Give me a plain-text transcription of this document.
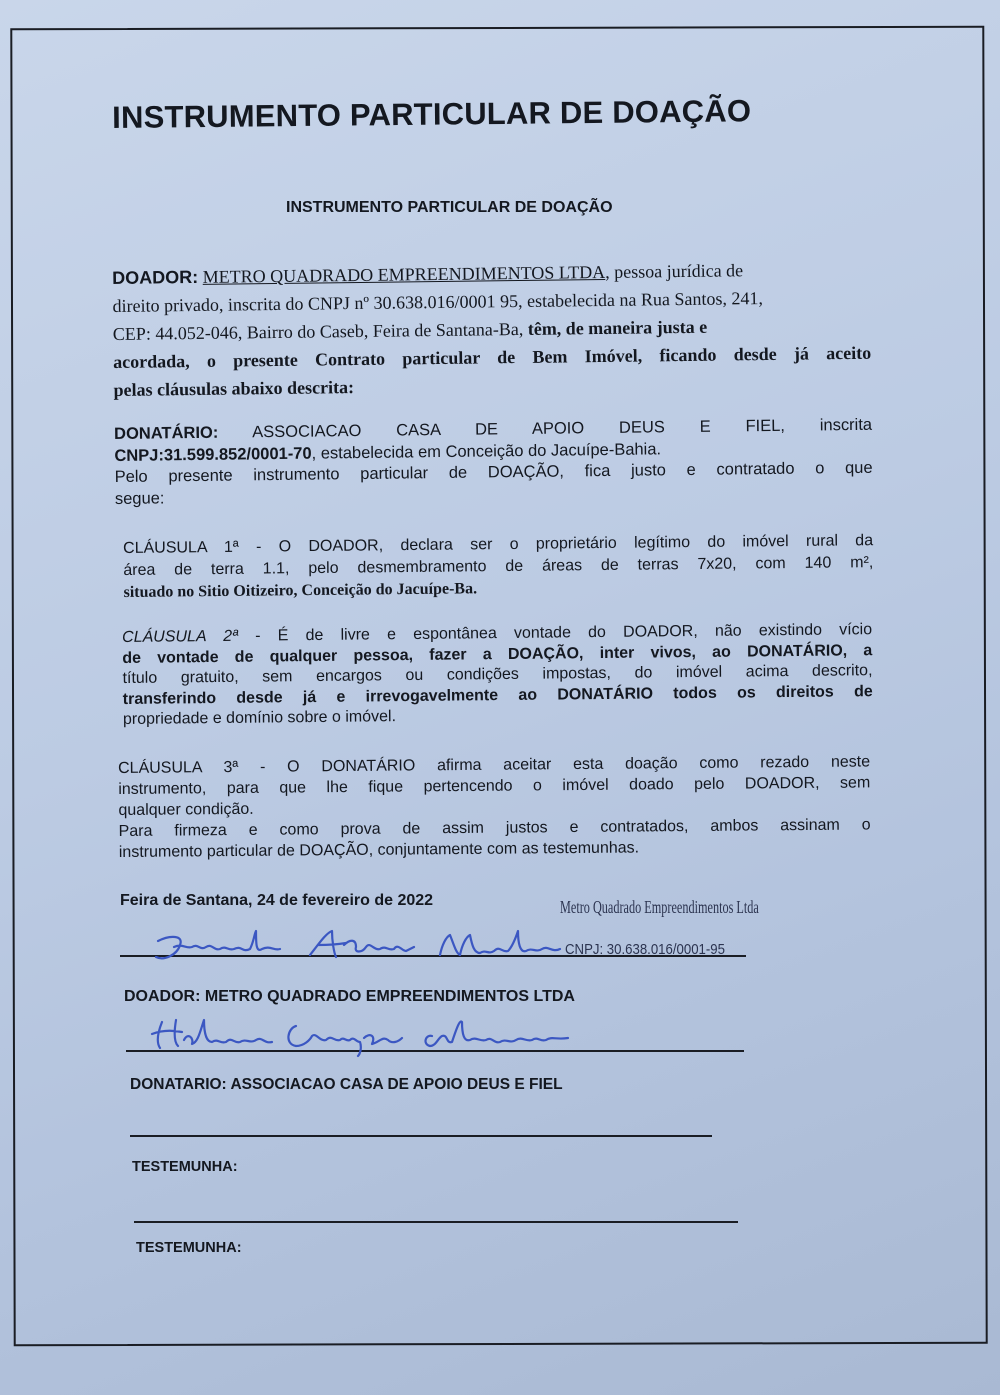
INSTRUMENTO PARTICULAR DE DOAÇÃO
INSTRUMENTO PARTICULAR DE DOAÇÃO
DOADOR: METRO QUADRADO EMPREENDIMENTOS LTDA, pessoa jurídica de
direito privado, inscrita do CNPJ nº 30.638.016/0001 95, estabelecida na Rua Santos, 241,
CEP: 44.052-046, Bairro do Caseb, Feira de Santana-Ba, têm, de maneira justa e
acordada, o presente Contrato particular de Bem Imóvel, ficando desde já aceito
pelas cláusulas abaixo descrita:
DONATÁRIO: ASSOCIACAO CASA DE APOIO DEUS E FIEL, inscrita
CNPJ:31.599.852/0001-70, estabelecida em Conceição do Jacuípe-Bahia.
Pelo presente instrumento particular de DOAÇÃO, fica justo e contratado o que
segue:
CLÁUSULA 1ª - O DOADOR, declara ser o proprietário legítimo do imóvel rural da
área de terra 1.1, pelo desmembramento de áreas de terras 7x20, com 140 m²,
situado no Sitio Oitizeiro, Conceição do Jacuípe-Ba.
CLÁUSULA 2ª - É de livre e espontânea vontade do DOADOR, não existindo vício
de vontade de qualquer pessoa, fazer a DOAÇÃO, inter vivos, ao DONATÁRIO, a
título gratuito, sem encargos ou condições impostas, do imóvel acima descrito,
transferindo desde já e irrevogavelmente ao DONATÁRIO todos os direitos de
propriedade e domínio sobre o imóvel.
CLÁUSULA 3ª - O DONATÁRIO afirma aceitar esta doação como rezado neste
instrumento, para que lhe fique pertencendo o imóvel doado pelo DOADOR, sem
qualquer condição.
Para firmeza e como prova de assim justos e contratados, ambos assinam o
instrumento particular de DOAÇÃO, conjuntamente com as testemunhas.
Feira de Santana, 24 de fevereiro de 2022	Metro Quadrado Empreendimentos Ltda
CNPJ: 30.638.016/0001-95
DOADOR: METRO QUADRADO EMPREENDIMENTOS LTDA
DONATARIO: ASSOCIACAO CASA DE APOIO DEUS E FIEL
TESTEMUNHA:
TESTEMUNHA:
